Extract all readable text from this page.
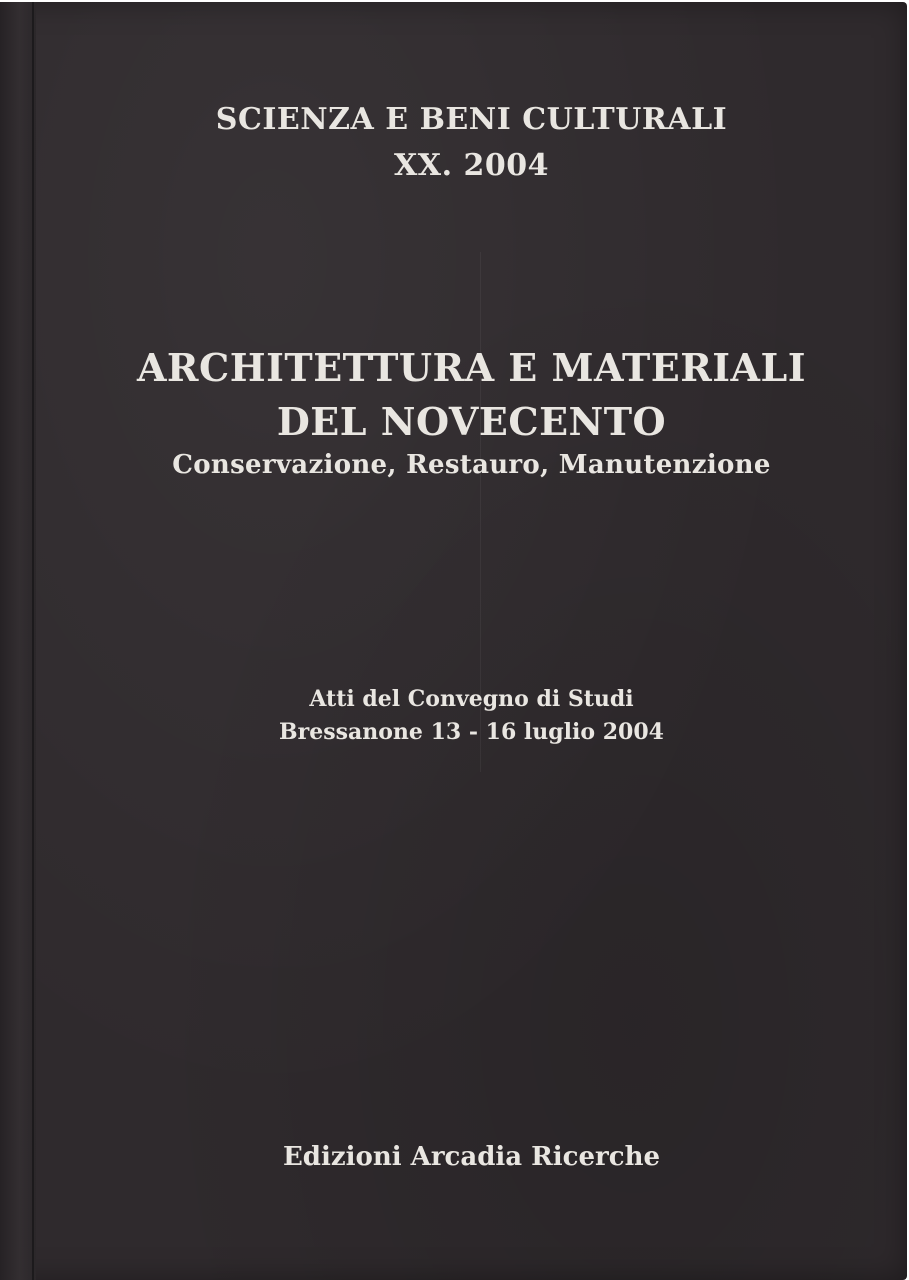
SCIENZA E BENI CULTURALI
XX. 2004
ARCHITETTURA E MATERIALI
DEL NOVECENTO
Conservazione, Restauro, Manutenzione
Atti del Convegno di Studi
Bressanone 13 - 16 luglio 2004
Edizioni Arcadia Ricerche
